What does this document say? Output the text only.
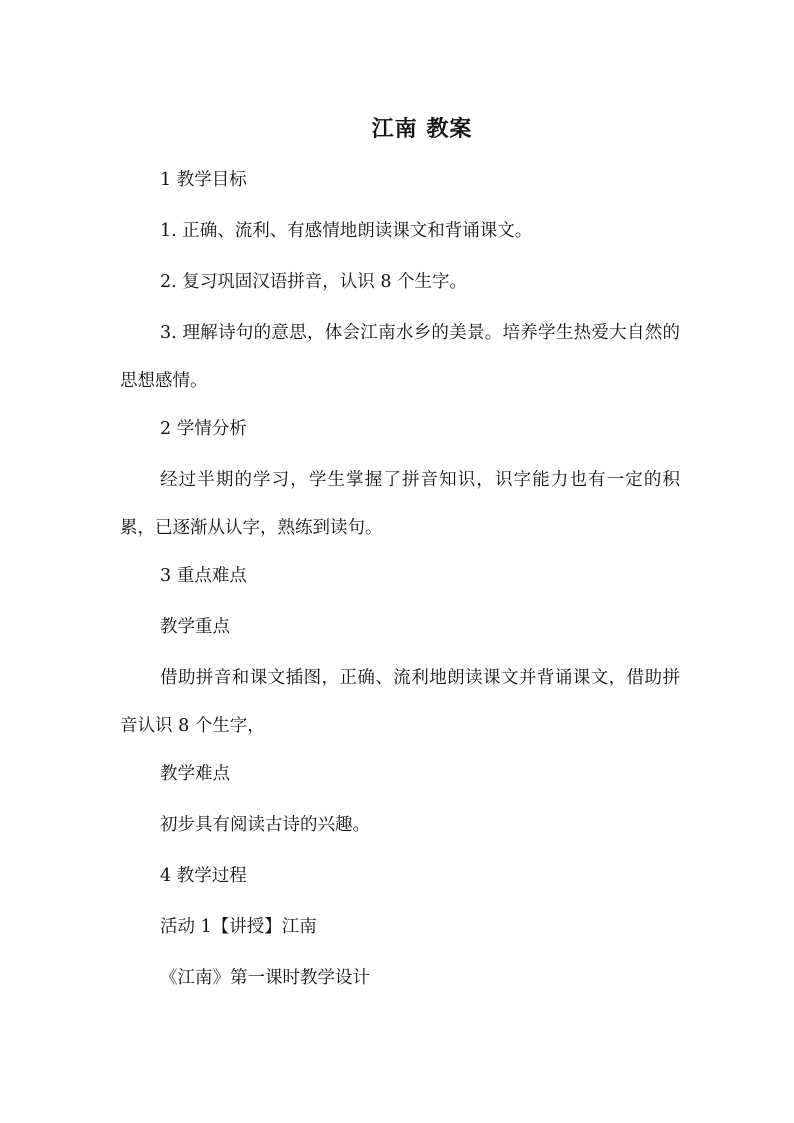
江南 教案

1 教学目标

1. 正确、流利、有感情地朗读课文和背诵课文。

2. 复习巩固汉语拼音，认识 8 个生字。

3. 理解诗句的意思，体会江南水乡的美景。培养学生热爱大自然的思想感情。

2 学情分析

经过半期的学习，学生掌握了拼音知识，识字能力也有一定的积累，已逐渐从认字，熟练到读句。

3 重点难点

教学重点

借助拼音和课文插图，正确、流利地朗读课文并背诵课文，借助拼音认识 8 个生字，

教学难点

初步具有阅读古诗的兴趣。

4 教学过程

活动 1【讲授】江南

《江南》第一课时教学设计
